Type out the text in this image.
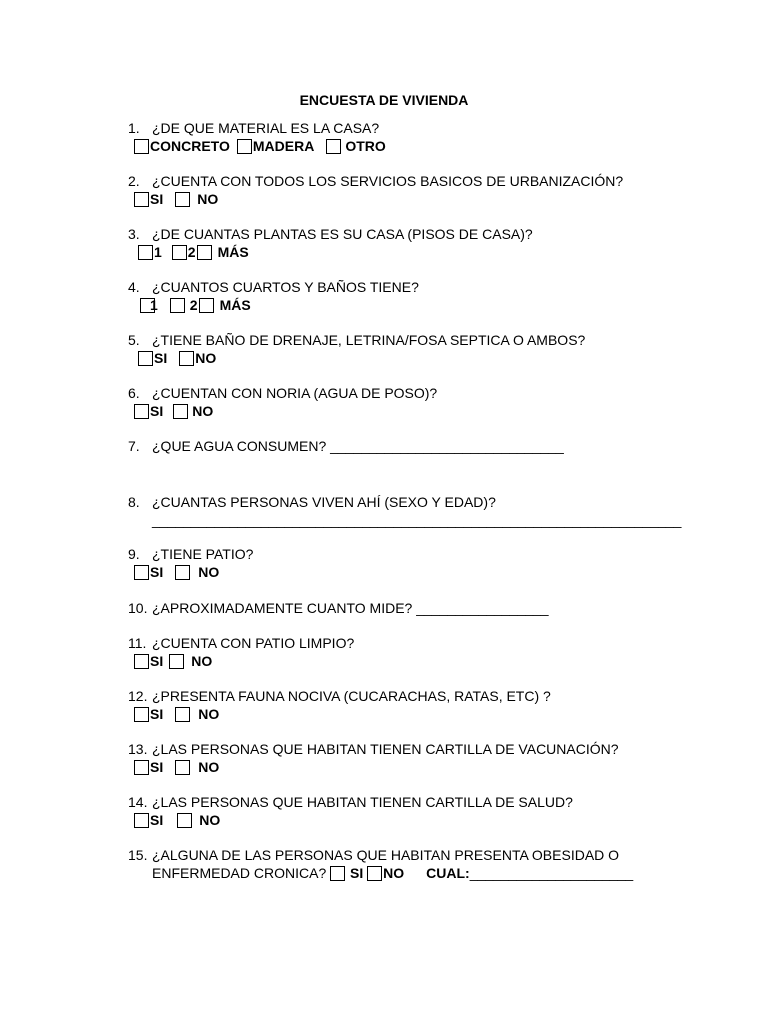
ENCUESTA DE VIVIENDA
1. ¿DE QUE MATERIAL ES LA CASA?
CONCRETO MADERA OTRO
2. ¿CUENTA CON TODOS LOS SERVICIOS BASICOS DE URBANIZACIÓN?
SI NO
3. ¿DE CUANTAS PLANTAS ES SU CASA (PISOS DE CASA)?
1 2 MÁS
4. ¿CUANTOS CUARTOS Y BAÑOS TIENE?
1 2 MÁS
5. ¿TIENE BAÑO DE DRENAJE, LETRINA/FOSA SEPTICA O AMBOS?
SI NO
6. ¿CUENTAN CON NORIA (AGUA DE POSO)?
SI NO
7. ¿QUE AGUA CONSUMEN? ______________________________
8. ¿CUANTAS PERSONAS VIVEN AHÍ (SEXO Y EDAD)?
____________________________________________________________________
9. ¿TIENE PATIO?
SI	NO
10. ¿APROXIMADAMENTE CUANTO MIDE? _________________
11. ¿CUENTA CON PATIO LIMPIO?
SI NO
12. ¿PRESENTA FAUNA NOCIVA (CUCARACHAS, RATAS, ETC) ?
SI	NO
13. ¿LAS PERSONAS QUE HABITAN TIENEN CARTILLA DE VACUNACIÓN?
SI	NO
14. ¿LAS PERSONAS QUE HABITAN TIENEN CARTILLA DE SALUD?
SI	NO
15. ¿ALGUNA DE LAS PERSONAS QUE HABITAN PRESENTA OBESIDAD O
ENFERMEDAD CRONICA? SI NO CUAL:_____________________
